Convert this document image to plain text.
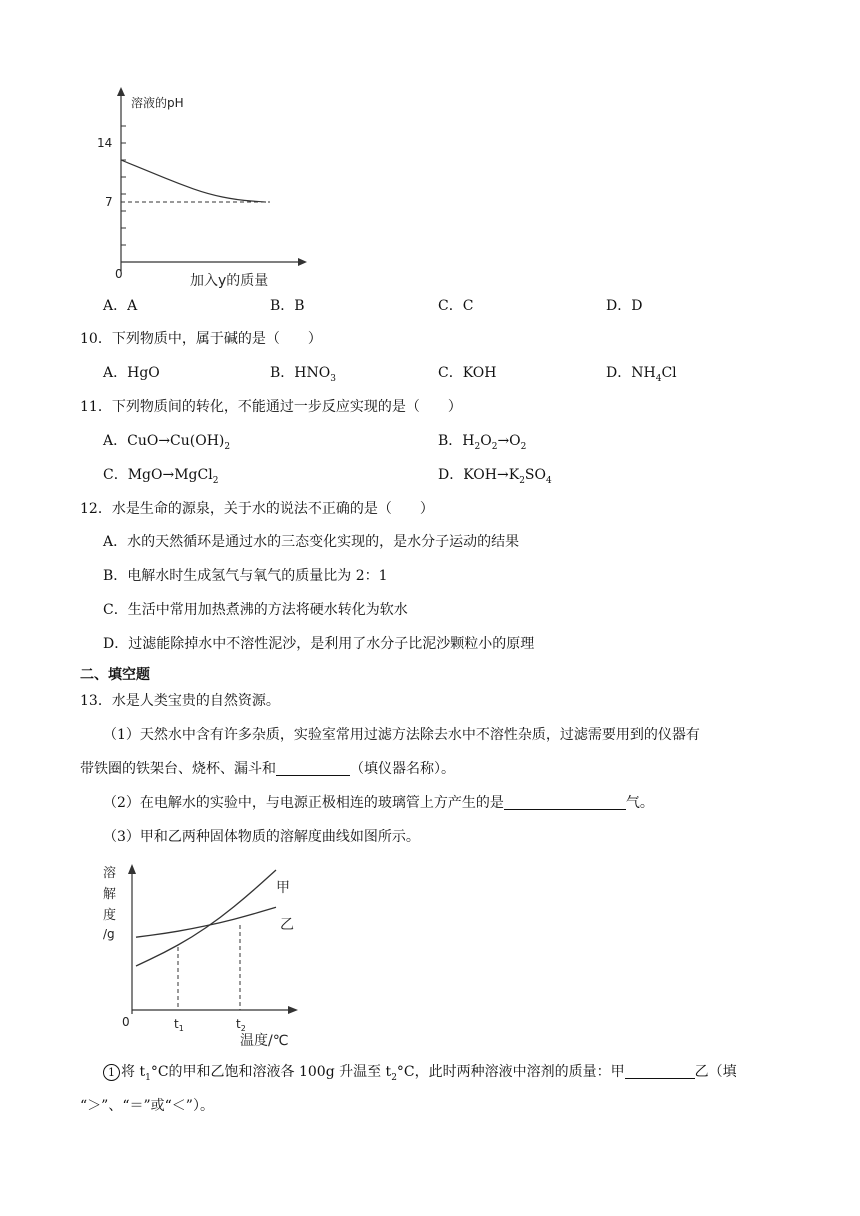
溶液的pH
14
7
0	加入y的质量
A．A	B．B	C．C	D．D
10．下列物质中，属于碱的是（　　）
A．HgO	B．$HNO_3$	C．KOH	D．$NH_4Cl$
11．下列物质间的转化，不能通过一步反应实现的是（　　）
A．$CuO\to Cu(OH)_2$	B．$H_2O_2\to O_2$
C．MgO→MgCl$_2$	D．$KOH\to K_2SO_4$
12．水是生命的源泉，关于水的说法不正确的是（　　）
A．水的天然循环是通过水的三态变化实现的，是水分子运动的结果
B．电解水时生成氢气与氧气的质量比为 2：1
C．生活中常用加热煮沸的方法将硬水转化为软水
D．过滤能除掉水中不溶性泥沙，是利用了水分子比泥沙颗粒小的原理
二、填空题
13．水是人类宝贵的自然资源。
（1）天然水中含有许多杂质，实验室常用过滤方法除去水中不溶性杂质，过滤需要用到的仪器有
带铁圈的铁架台、烧杯、漏斗和	（填仪器名称）。
（2）在电解水的实验中，与电源正极相连的玻璃管上方产生的是	气。
（3）甲和乙两种固体物质的溶解度曲线如图所示。
溶
解
度
/g
甲
乙
0	$t_1$	$t_2$
温度/℃
1 将 $t_1^\circ C$的甲和乙饱和溶液各 100g 升温至 $t_2^\circ C$，此时两种溶液中溶剂的质量：甲	乙（填
“＞”、“＝”或“＜”）。
